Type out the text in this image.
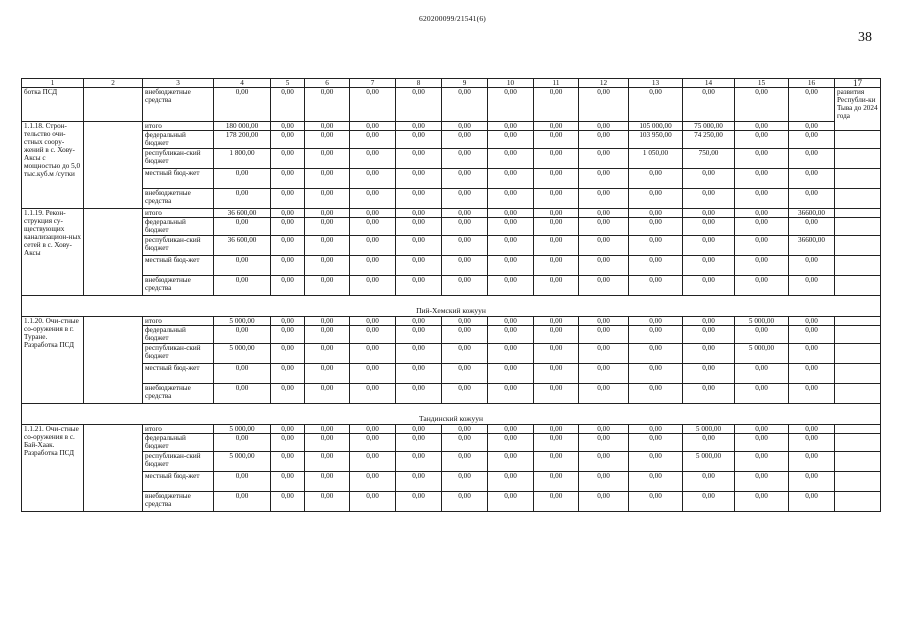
620200099/21541(6)
38
1	2	3	4	5	6	7	8	9	10	11	12	13	14	15	16	17	
ботка ПСД		внебюджетные средства	0,00	0,00	0,00	0,00	0,00	0,00	0,00	0,00	0,00	0,00	0,00	0,00	0,00	развития Республи-ки Тыва до 2024 года	
1.1.18. Строн-тельство очи-стных соору-жений в с. Хову-Аксы с мощностью до 5,0 тыс.куб.м /сутки		итого	180 000,00	0,00	0,00	0,00	0,00	0,00	0,00	0,00	0,00	105 000,00	75 000,00	0,00	0,00		
		федеральный бюджет	178 200,00	0,00	0,00	0,00	0,00	0,00	0,00	0,00	0,00	103 950,00	74 250,00	0,00	0,00		
		республикан-ский бюджет	1 800,00	0,00	0,00	0,00	0,00	0,00	0,00	0,00	0,00	1 050,00	750,00	0,00	0,00		
		местный бюд-жет	0,00	0,00	0,00	0,00	0,00	0,00	0,00	0,00	0,00	0,00	0,00	0,00	0,00		
		внебюджетные средства	0,00	0,00	0,00	0,00	0,00	0,00	0,00	0,00	0,00	0,00	0,00	0,00	0,00		
1.1.19. Рекон-струкция су-ществующих канализацион-ных сетей в с. Хову-Аксы		итого	36 600,00	0,00	0,00	0,00	0,00	0,00	0,00	0,00	0,00	0,00	0,00	0,00	36600,00		
		федеральный бюджет	0,00	0,00	0,00	0,00	0,00	0,00	0,00	0,00	0,00	0,00	0,00	0,00	0,00		
		республикан-ский бюджет	36 600,00	0,00	0,00	0,00	0,00	0,00	0,00	0,00	0,00	0,00	0,00	0,00	36600,00		
		местный бюд-жет	0,00	0,00	0,00	0,00	0,00	0,00	0,00	0,00	0,00	0,00	0,00	0,00	0,00		
		внебюджетные средства	0,00	0,00	0,00	0,00	0,00	0,00	0,00	0,00	0,00	0,00	0,00	0,00	0,00		
Пий-Хемский кожуун																	
1.1.20. Очи-стные со-оружения в г. Туране. Разработка ПСД		итого	5 000,00	0,00	0,00	0,00	0,00	0,00	0,00	0,00	0,00	0,00	0,00	5 000,00	0,00		
		федеральный бюджет	0,00	0,00	0,00	0,00	0,00	0,00	0,00	0,00	0,00	0,00	0,00	0,00	0,00		
		республикан-ский бюджет	5 000,00	0,00	0,00	0,00	0,00	0,00	0,00	0,00	0,00	0,00	0,00	5 000,00	0,00		
		местный бюд-жет	0,00	0,00	0,00	0,00	0,00	0,00	0,00	0,00	0,00	0,00	0,00	0,00	0,00		
		внебюджетные средства	0,00	0,00	0,00	0,00	0,00	0,00	0,00	0,00	0,00	0,00	0,00	0,00	0,00		
Тандинский кожуун																	
1.1.21. Очи-стные со-оружения в с. Бай-Хаак. Разработка ПСД		итого	5 000,00	0,00	0,00	0,00	0,00	0,00	0,00	0,00	0,00	0,00	5 000,00	0,00	0,00		
		федеральный бюджет	0,00	0,00	0,00	0,00	0,00	0,00	0,00	0,00	0,00	0,00	0,00	0,00	0,00		
		республикан-ский бюджет	5 000,00	0,00	0,00	0,00	0,00	0,00	0,00	0,00	0,00	0,00	5 000,00	0,00	0,00		
		местный бюд-жет	0,00	0,00	0,00	0,00	0,00	0,00	0,00	0,00	0,00	0,00	0,00	0,00	0,00		
		внебюджетные средства	0,00	0,00	0,00	0,00	0,00	0,00	0,00	0,00	0,00	0,00	0,00	0,00	0,00		
